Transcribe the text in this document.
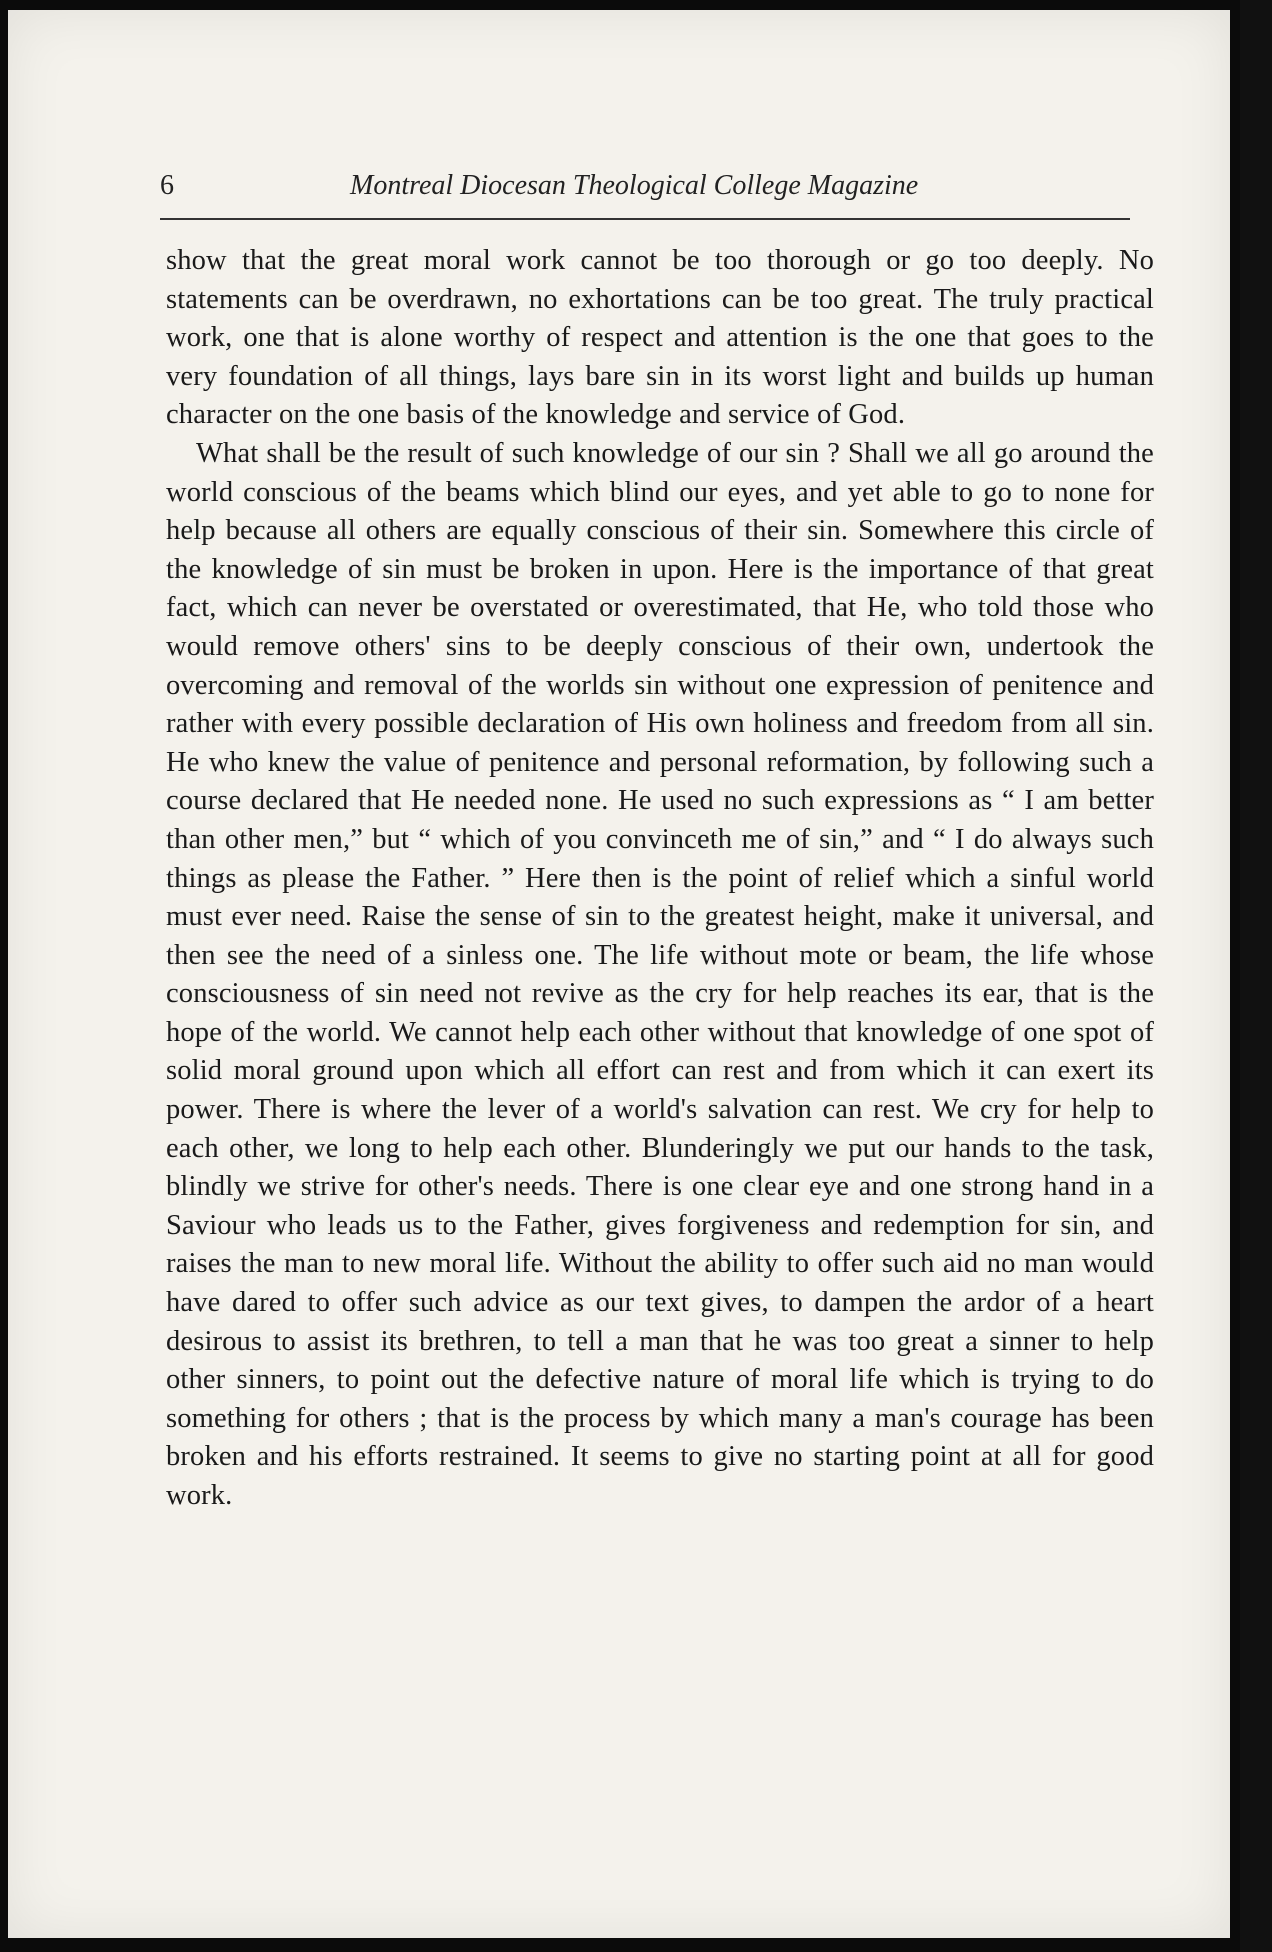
6	Montreal Diocesan Theological College Magazine

show that the great moral work cannot be too thorough or go too deeply. No statements can be overdrawn, no exhortations can be too great. The truly practical work, one that is alone worthy of respect and attention is the one that goes to the very foundation of all things, lays bare sin in its worst light and builds up human character on the one basis of the knowledge and service of God.

What shall be the result of such knowledge of our sin ? Shall we all go around the world conscious of the beams which blind our eyes, and yet able to go to none for help because all others are equally conscious of their sin. Somewhere this circle of the knowledge of sin must be broken in upon. Here is the importance of that great fact, which can never be overstated or overestimated, that He, who told those who would remove others' sins to be deeply conscious of their own, undertook the overcoming and removal of the worlds sin without one expression of penitence and rather with every possible declaration of His own holiness and freedom from all sin. He who knew the value of penitence and personal reformation, by following such a course declared that He needed none. He used no such expressions as “ I am better than other men,” but “ which of you convinceth me of sin,” and “ I do always such things as please the Father. ” Here then is the point of relief which a sinful world must ever need. Raise the sense of sin to the greatest height, make it universal, and then see the need of a sinless one. The life without mote or beam, the life whose consciousness of sin need not revive as the cry for help reaches its ear, that is the hope of the world. We cannot help each other without that knowledge of one spot of solid moral ground upon which all effort can rest and from which it can exert its power. There is where the lever of a world's salvation can rest. We cry for help to each other, we long to help each other. Blunderingly we put our hands to the task, blindly we strive for other's needs. There is one clear eye and one strong hand in a Saviour who leads us to the Father, gives forgiveness and redemption for sin, and raises the man to new moral life. Without the ability to offer such aid no man would have dared to offer such advice as our text gives, to dampen the ardor of a heart desirous to assist its brethren, to tell a man that he was too great a sinner to help other sinners, to point out the defective nature of moral life which is trying to do something for others ; that is the process by which many a man's courage has been broken and his efforts restrained. It seems to give no starting point at all for good work.
